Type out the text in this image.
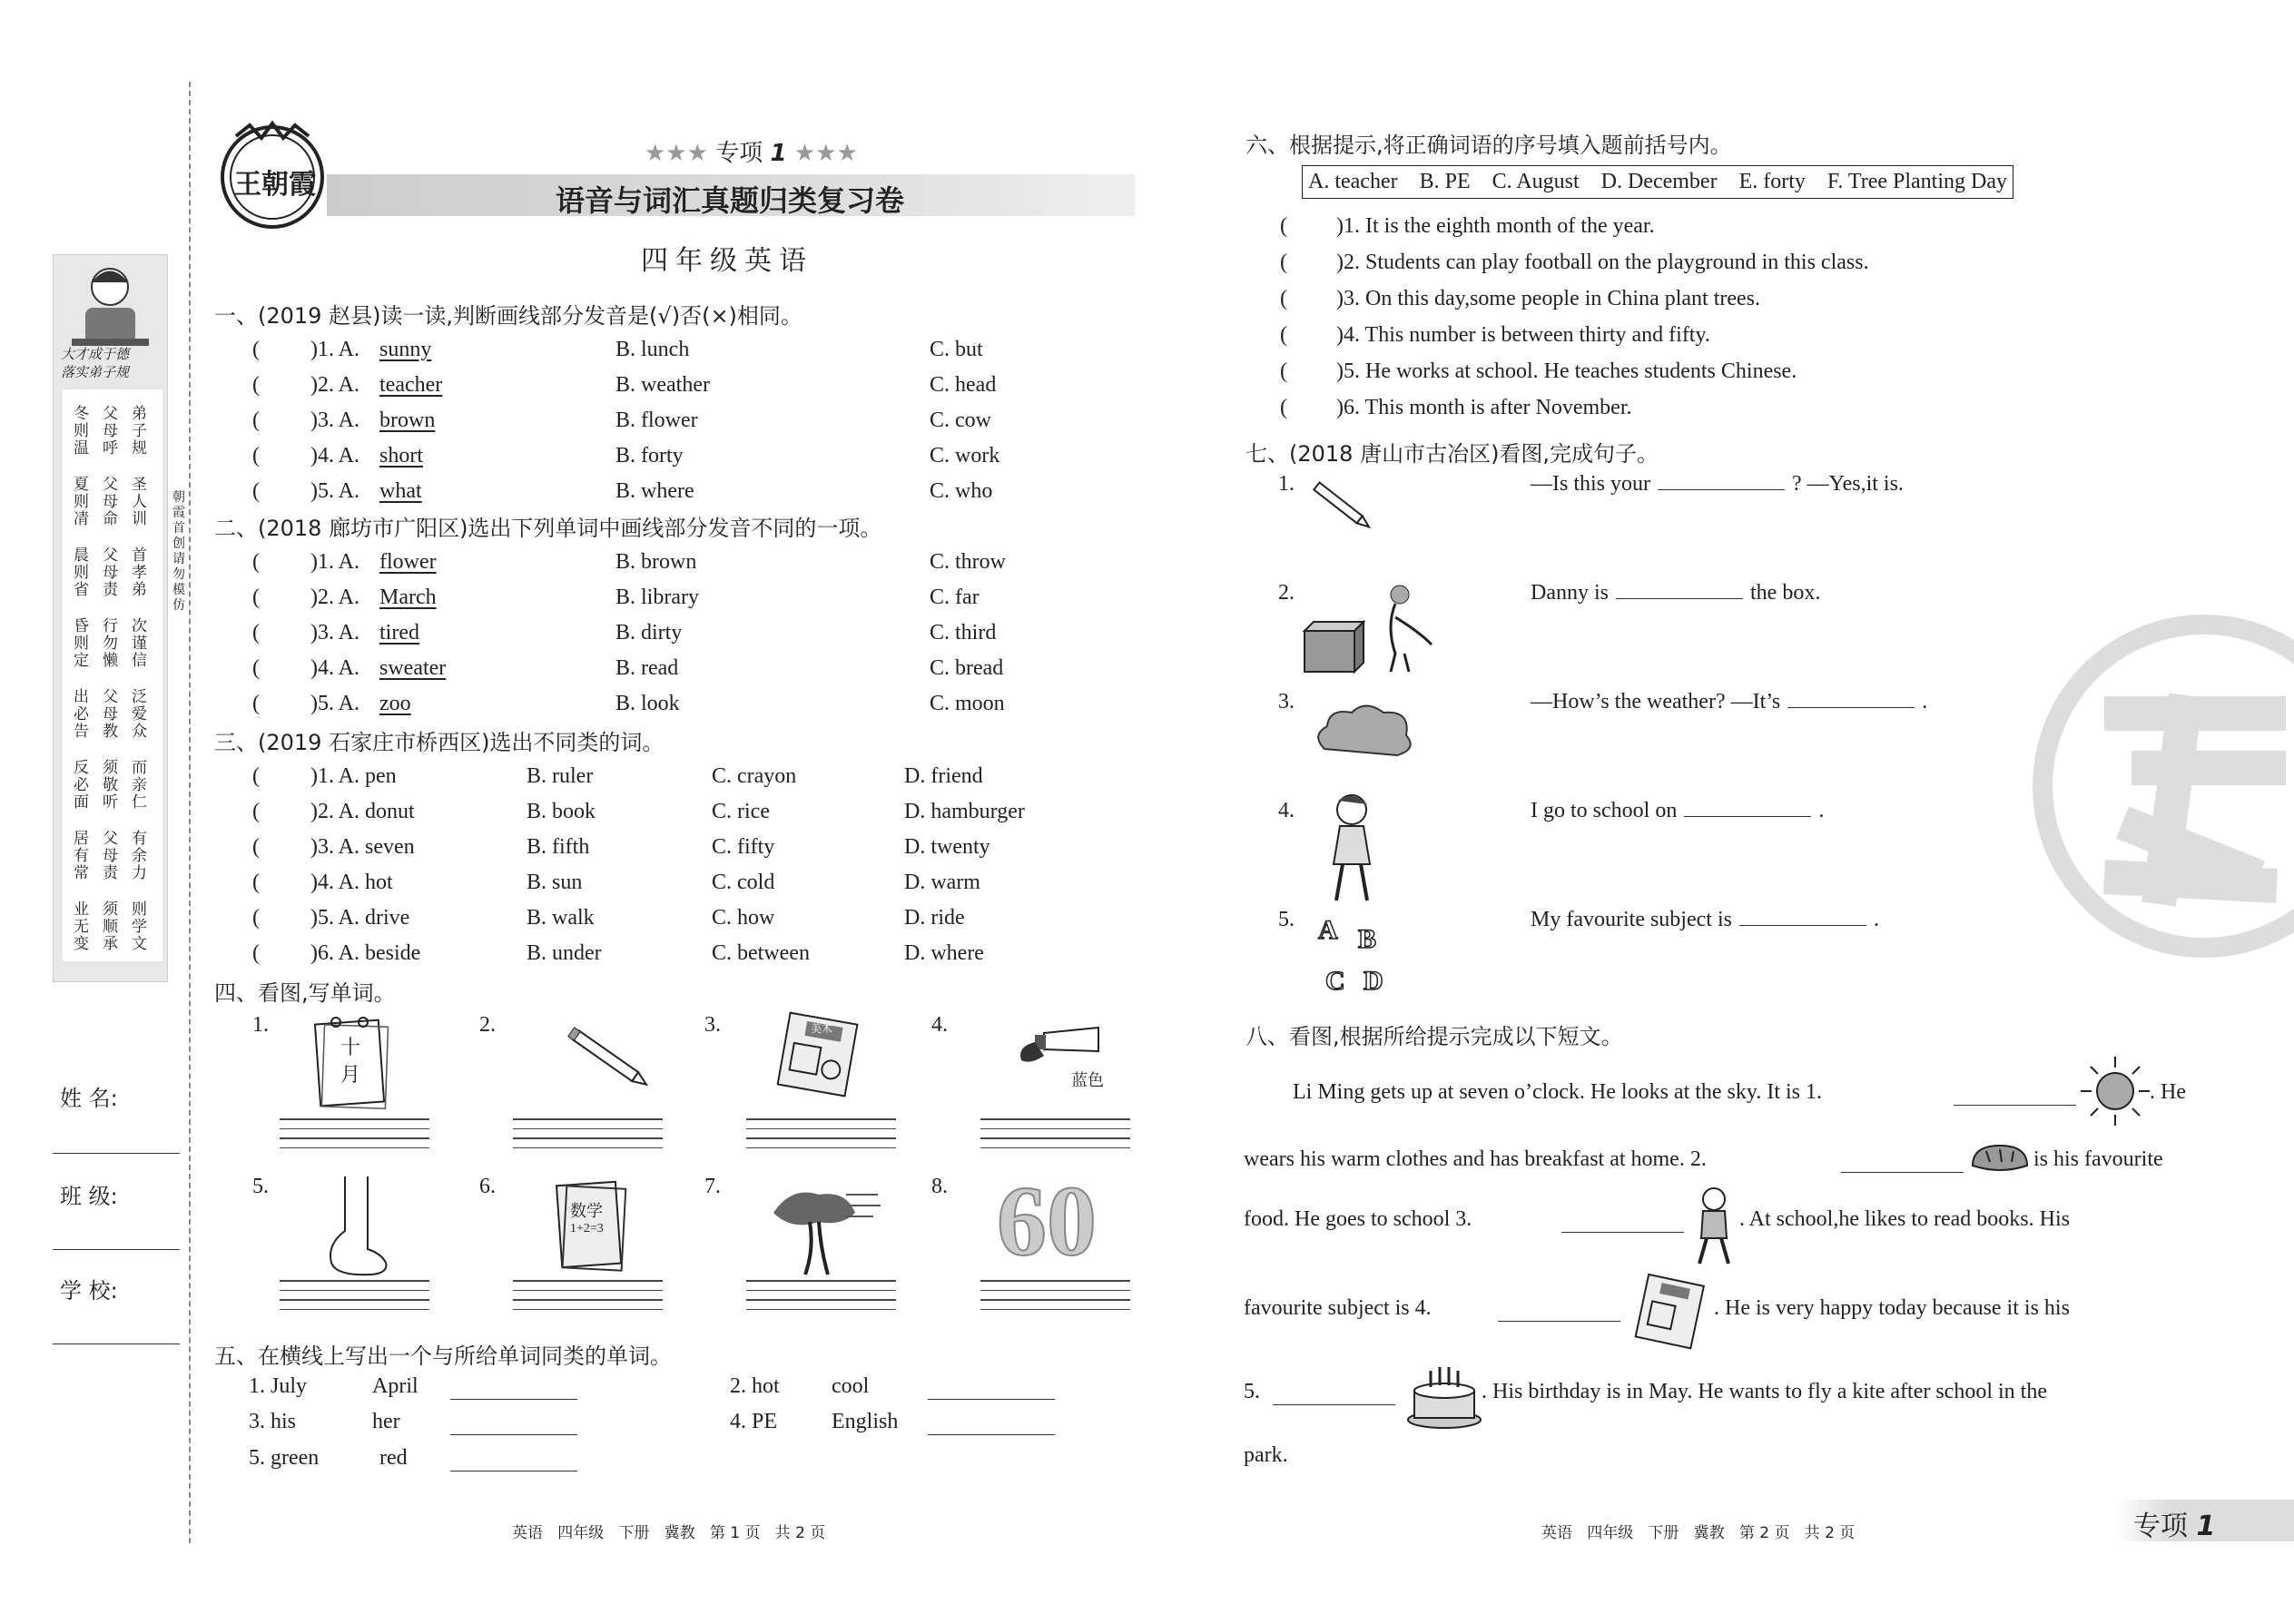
大才成于德
落实弟子规
冬则温
父母呼
弟子规
夏则凊
父母命
圣人训
晨则省
父母责
首孝弟
昏则定
行勿懒
次谨信
出必告
父母教
泛爱众
反必面
须敬听
而亲仁
居有常
父母责
有余力
业无变
须顺承
则学文
朝霞首创 请勿模仿
姓 名:
班 级:
学 校:
王朝霞
★★★ 专项 1 ★★★
语音与词汇真题归类复习卷
四年级英语
一、(2019 赵县)读一读,判断画线部分发音是(√)否(×)相同。
( )1. A. sunny	B. lunch	C. but
( )2. A. teacher	B. weather	C. head
( )3. A. brown	B. flower	C. cow
( )4. A. short	B. forty	C. work
( )5. A. what	B. where	C. who
二、(2018 廊坊市广阳区)选出下列单词中画线部分发音不同的一项。
( )1. A. flower	B. brown	C. throw
( )2. A. March	B. library	C. far
( )3. A. tired	B. dirty	C. third
( )4. A. sweater	B. read	C. bread
( )5. A. zoo	B. look	C. moon
三、(2019 石家庄市桥西区)选出不同类的词。
( )1. A. pen	B. ruler	C. crayon	D. friend
( )2. A. donut	B. book	C. rice	D. hamburger
( )3. A. seven	B. fifth	C. fifty	D. twenty
( )4. A. hot	B. sun	C. cold	D. warm
( )5. A. drive	B. walk	C. how	D. ride
( )6. A. beside	B. under	C. between	D. where
四、看图,写单词。
1.	2.	3.	4.
5.	6.	7.	8.
十月
美术
蓝色
数学
1+2=3	60
五、在横线上写出一个与所给单词同类的单词。
1. July	April	2. hot cool
3. his	her	4. PE English
5. green	red
英语   四年级   下册   冀教   第 1 页   共 2 页
六、根据提示,将正确词语的序号填入题前括号内。
A. teacher    B. PE    C. August    D. December    E. forty    F. Tree Planting Day
( )1. It is the eighth month of the year.
( )2. Students can play football on the playground in this class.
( )3. On this day,some people in China plant trees.
( )4. This number is between thirty and fifty.
( )5. He works at school. He teaches students Chinese.
( )6. This month is after November.
七、(2018 唐山市古冶区)看图,完成句子。
1.	—Is this your	? —Yes,it is.
2.	Danny is	the box.
3.	—How’s the weather? —It’s	.
4.	I go to school on	.
5.	My favourite subject is	.
A B
C D
八、看图,根据所给提示完成以下短文。
Li Ming gets up at seven o’clock. He looks at the sky. It is 1.	. He
wears his warm clothes and has breakfast at home. 2.	is his favourite
food. He goes to school 3.	. At school,he likes to read books. His
favourite subject is 4.	. He is very happy today because it is his
5.	. His birthday is in May. He wants to fly a kite after school in the
park.
英语   四年级   下册   冀教   第 2 页   共 2 页	专项 1
